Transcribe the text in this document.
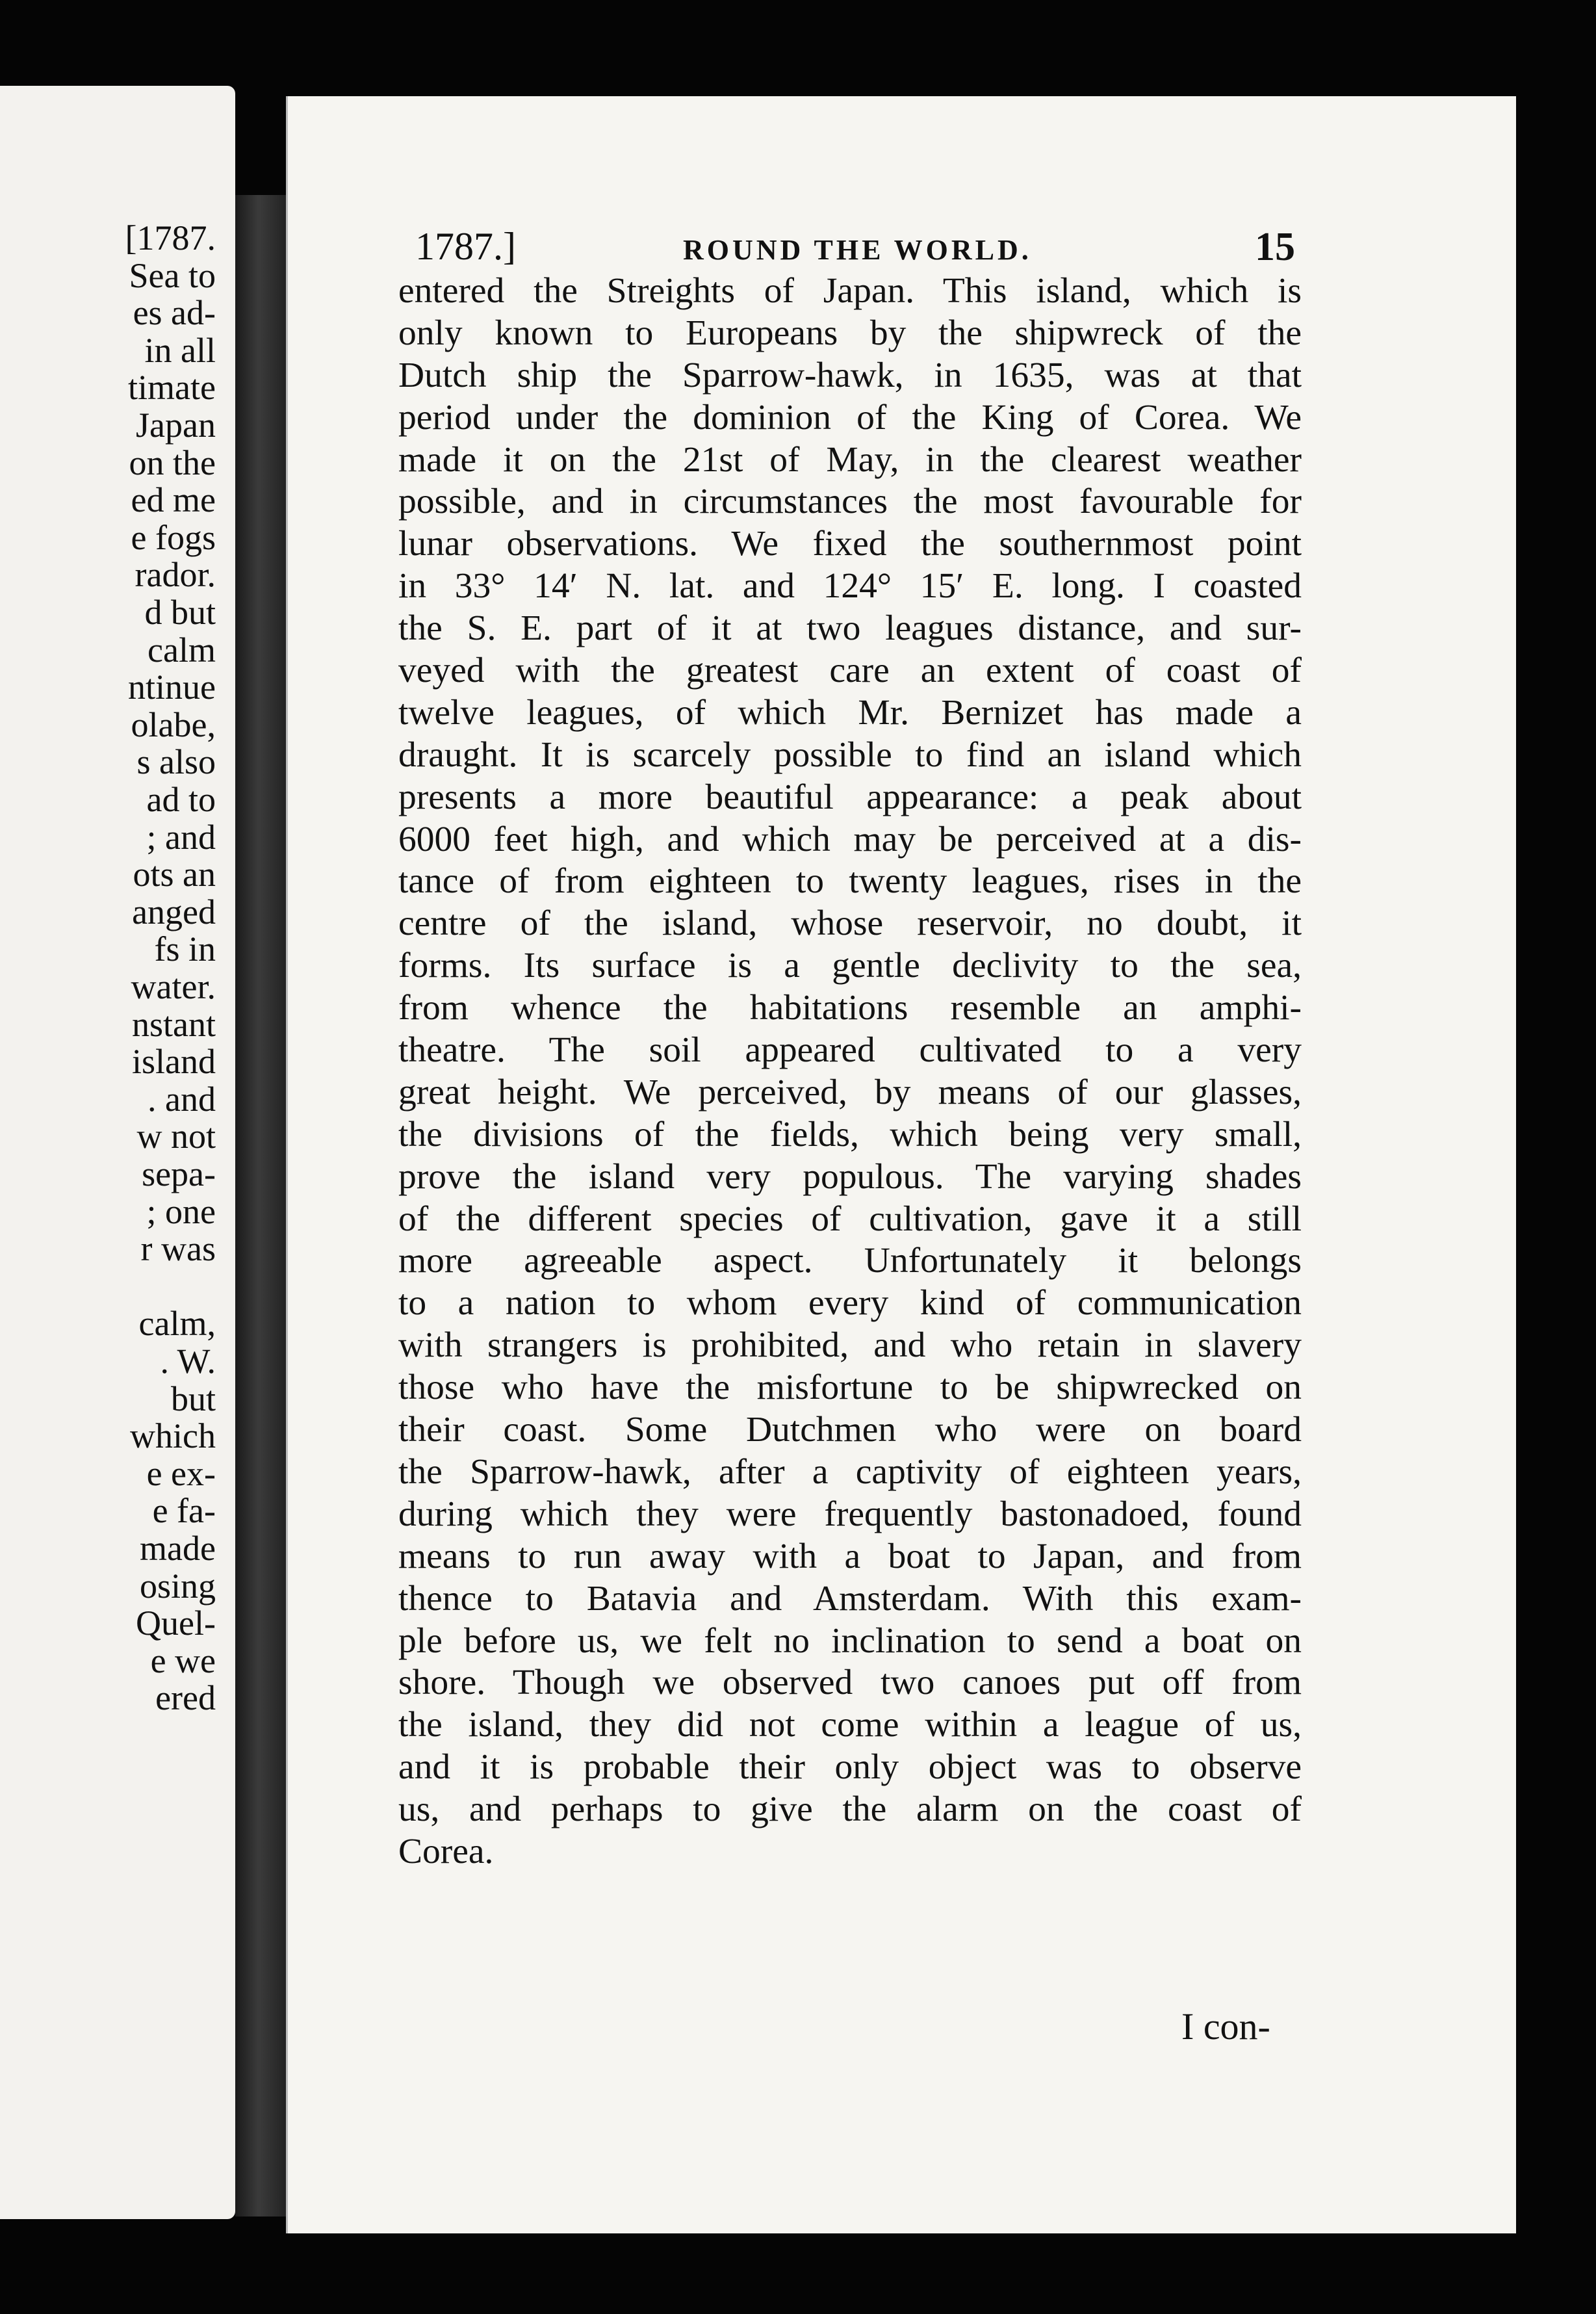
[1787.
Sea to
es ad-
in all
timate
Japan
on the
ed me
e fogs
rador.
d but
calm
ntinue
olabe,
s also
ad to
; and
ots an
anged
fs in
water.
nstant
island
. and
w not
sepa-
; one
r was
calm,
. W.
but
which
e ex-
e fa-
made
osing
Quel-
e we
ered
1787.]	ROUND THE WORLD.	15
entered the Streights of Japan. This island, which is
only known to Europeans by the shipwreck of the
Dutch ship the Sparrow-hawk, in 1635, was at that
period under the dominion of the King of Corea. We
made it on the 21st of May, in the clearest weather
possible, and in circumstances the most favourable for
lunar observations. We fixed the southernmost point
in 33° 14′ N. lat. and 124° 15′ E. long. I coasted
the S. E. part of it at two leagues distance, and sur-
veyed with the greatest care an extent of coast of
twelve leagues, of which Mr. Bernizet has made a
draught. It is scarcely possible to find an island which
presents a more beautiful appearance: a peak about
6000 feet high, and which may be perceived at a dis-
tance of from eighteen to twenty leagues, rises in the
centre of the island, whose reservoir, no doubt, it
forms. Its surface is a gentle declivity to the sea,
from whence the habitations resemble an amphi-
theatre. The soil appeared cultivated to a very
great height. We perceived, by means of our glasses,
the divisions of the fields, which being very small,
prove the island very populous. The varying shades
of the different species of cultivation, gave it a still
more agreeable aspect. Unfortunately it belongs
to a nation to whom every kind of communication
with strangers is prohibited, and who retain in slavery
those who have the misfortune to be shipwrecked on
their coast. Some Dutchmen who were on board
the Sparrow-hawk, after a captivity of eighteen years,
during which they were frequently bastonadoed, found
means to run away with a boat to Japan, and from
thence to Batavia and Amsterdam. With this exam-
ple before us, we felt no inclination to send a boat on
shore. Though we observed two canoes put off from
the island, they did not come within a league of us,
and it is probable their only object was to observe
us, and perhaps to give the alarm on the coast of
Corea.
I con-
